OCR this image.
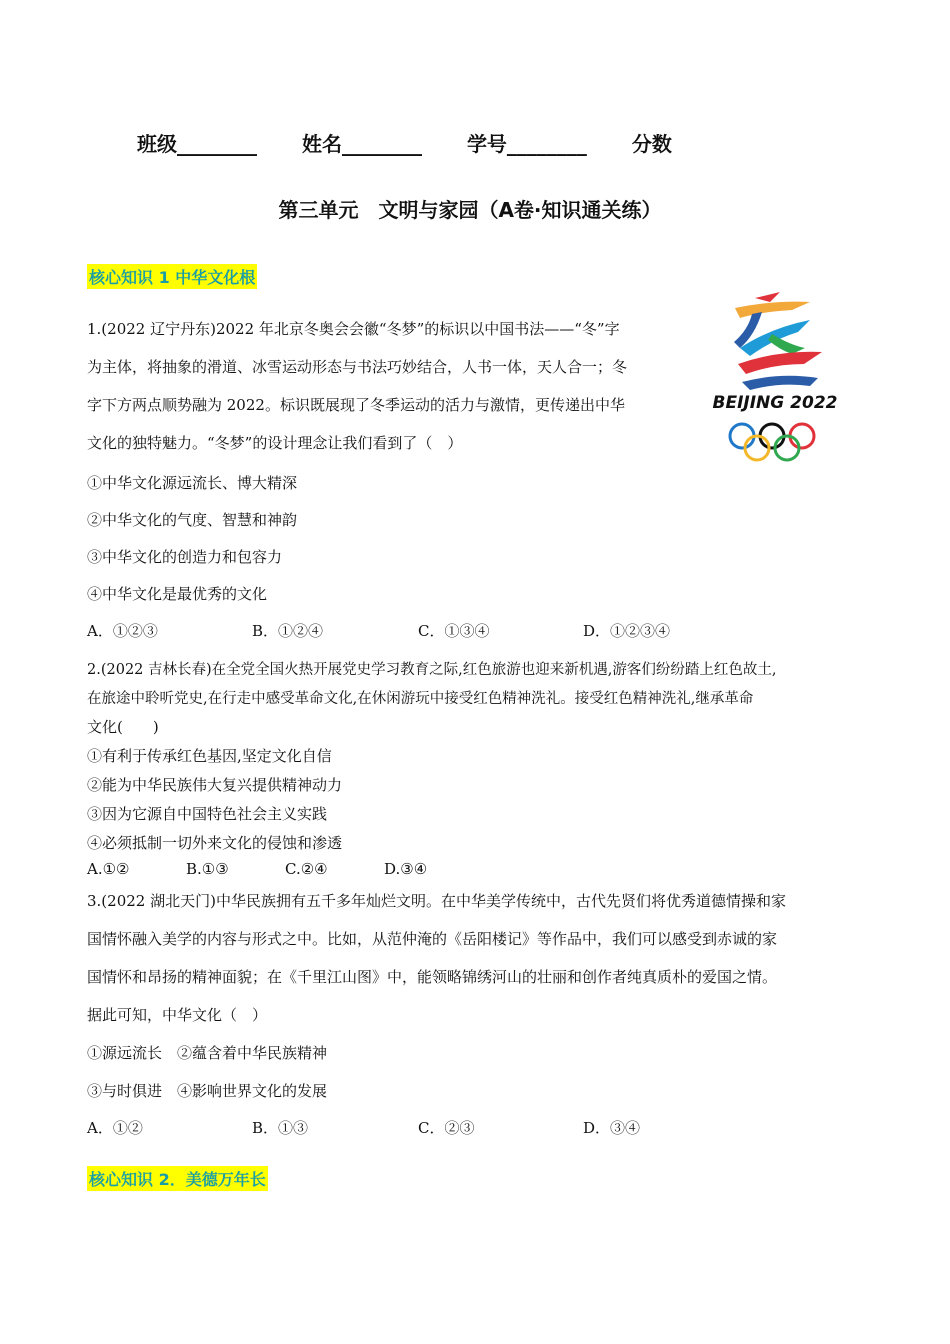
班级________ 姓名________ 学号________ 分数
第三单元　文明与家园（A卷·知识通关练）
核心知识 1 中华文化根
1.(2022 辽宁丹东)2022 年北京冬奥会会徽“冬梦”的标识以中国书法——“冬”字
为主体，将抽象的滑道、冰雪运动形态与书法巧妙结合，人书一体，天人合一；冬
字下方两点顺势融为 2022。标识既展现了冬季运动的活力与激情，更传递出中华
文化的独特魅力。“冬梦”的设计理念让我们看到了（　）
BEIJING 2022
①中华文化源远流长、博大精深
②中华文化的气度、智慧和神韵
③中华文化的创造力和包容力
④中华文化是最优秀的文化
A．①②③	B．①②④	C．①③④	D．①②③④
2.(2022 吉林长春)在全党全国火热开展党史学习教育之际,红色旅游也迎来新机遇,游客们纷纷踏上红色故土,
在旅途中聆听党史,在行走中感受革命文化,在休闲游玩中接受红色精神洗礼。接受红色精神洗礼,继承革命
文化(　　)
①有利于传承红色基因,坚定文化自信
②能为中华民族伟大复兴提供精神动力
③因为它源自中国特色社会主义实践
④必须抵制一切外来文化的侵蚀和渗透
A.①②	B.①③	C.②④	D.③④
3.(2022 湖北天门)中华民族拥有五千多年灿烂文明。在中华美学传统中，古代先贤们将优秀道德情操和家
国情怀融入美学的内容与形式之中。比如，从范仲淹的《岳阳楼记》等作品中，我们可以感受到赤诚的家
国情怀和昂扬的精神面貌；在《千里江山图》中，能领略锦绣河山的壮丽和创作者纯真质朴的爱国之情。
据此可知，中华文化（　）
①源远流长　②蕴含着中华民族精神
③与时俱进　④影响世界文化的发展
A．①②	B．①③	C．②③	D．③④
核心知识 2．美德万年长
